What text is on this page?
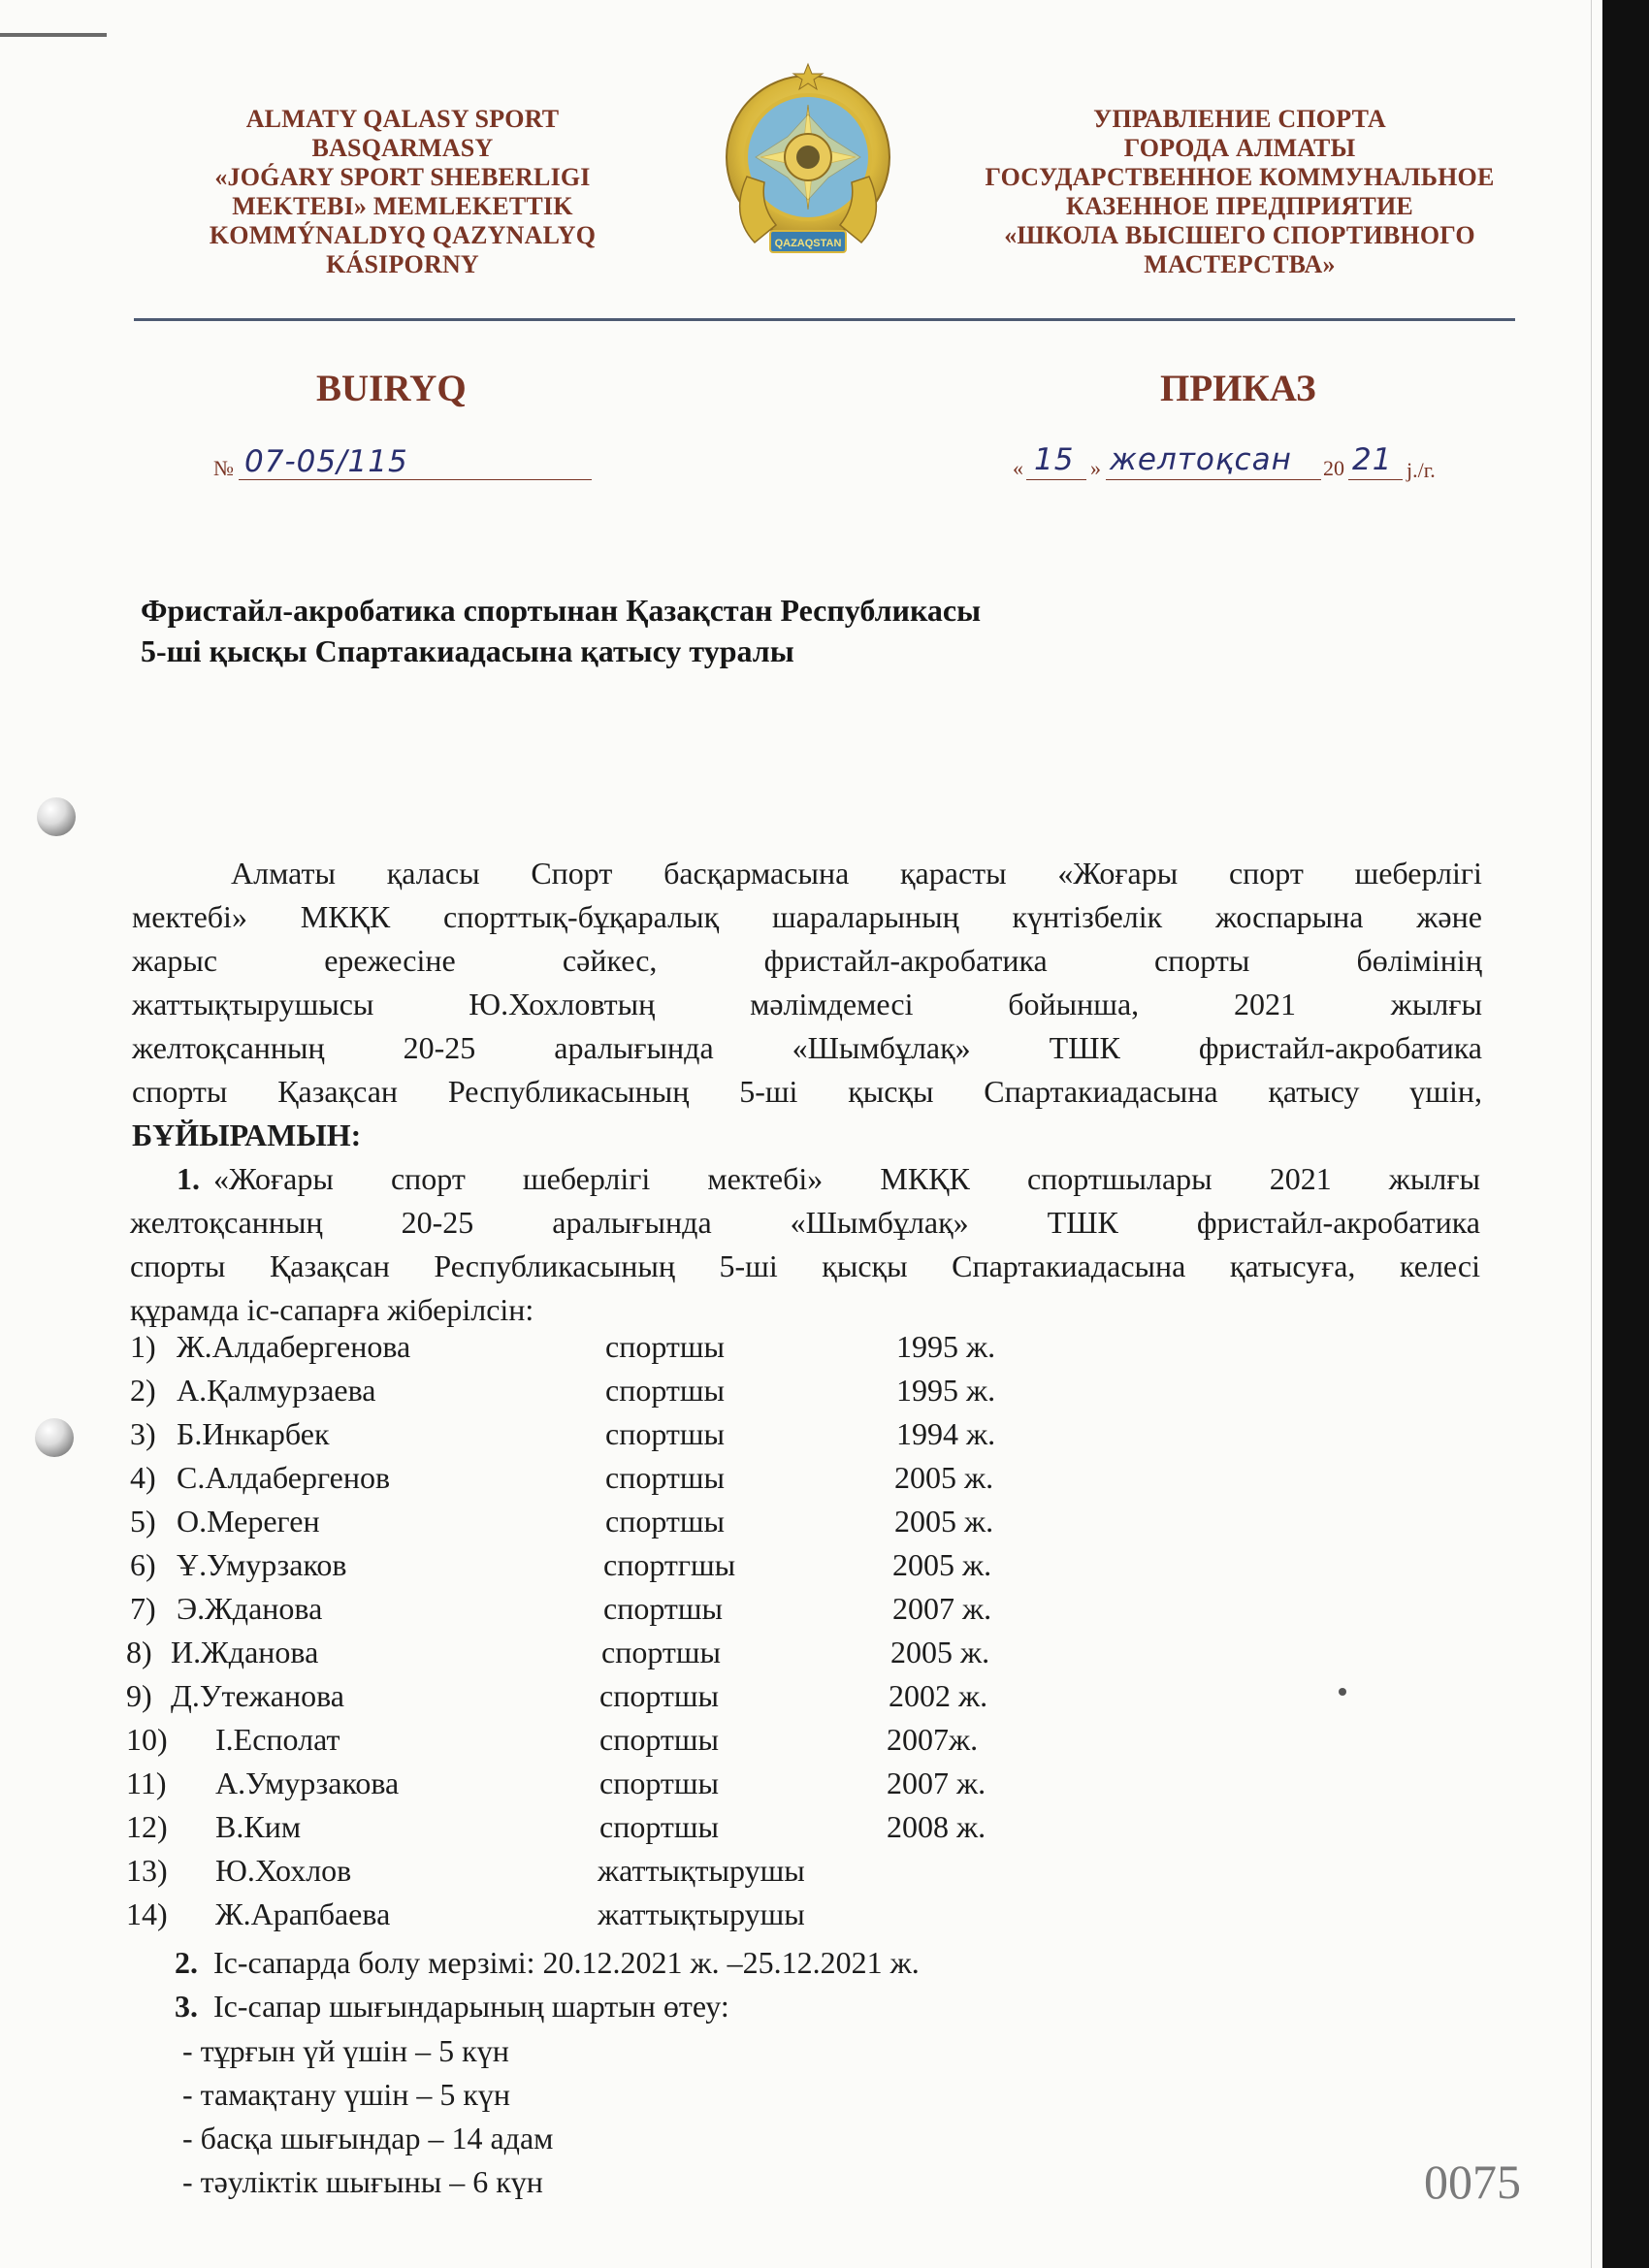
ALMATY QALASY SPORT
BASQARMASY
«JOǴARY SPORT SHEBERLIGI
MEKTEBI» MEMLEKETTIK
KOMMÝNALDYQ QAZYNALYQ
KÁSIPORNY
QAZAQSTAN
УПРАВЛЕНИЕ СПОРТА
ГОРОДА АЛМАТЫ
ГОСУДАРСТВЕННОЕ КОММУНАЛЬНОЕ
КАЗЕННОЕ ПРЕДПРИЯТИЕ
«ШКОЛА ВЫСШЕГО СПОРТИВНОГО
МАСТЕРСТВА»
BUIRYQ	ПРИКАЗ
№ 07-05/115	« 15 » желтоқсан 20 21 j./г.
Фристайл-акробатика спортынан Қазақстан Республикасы
5-ші қысқы Спартакиадасына қатысу туралы
Алматы қаласы Спорт басқармасына қарасты «Жоғары спорт шеберлігі
мектебі» МКҚК спорттық-бұқаралық шараларының күнтізбелік жоспарына және
жарыс	ережесіне	сәйкес,	фристайл-акробатика	спорты	бөлімінің
жаттықтырушысы	Ю.Хохловтың	мәлімдемесі	бойынша,	2021	жылғы
желтоқсанның	20-25	аралығында	«Шымбұлақ»	ТШК	фристайл-акробатика
спорты Қазақсан Республикасының 5-ші қысқы Спартакиадасына қатысу үшін,
БҰЙЫРАМЫН:
1. «Жоғары спорт шеберлігі мектебі» МКҚК спортшылары 2021 жылғы
желтоқсанның	20-25	аралығында	«Шымбұлақ»	ТШК	фристайл-акробатика
спорты Қазақсан Республикасының 5-ші қысқы Спартакиадасына қатысуға, келесі
құрамда іс-сапарға жіберілсін:
1) Ж.Алдабергенова	спортшы	1995 ж.
2) А.Қалмурзаева	спортшы	1995 ж.
3) Б.Инкарбек	спортшы	1994 ж.
4) С.Алдабергенов	спортшы	2005 ж.
5) О.Мереген	спортшы	2005 ж.
6) Ұ.Умурзаков	спортгшы	2005 ж.
7) Э.Жданова	спортшы	2007 ж.
8) И.Жданова	спортшы	2005 ж.
9) Д.Утежанова	спортшы	2002 ж.
10) І.Есполат	спортшы	2007ж.
11) А.Умурзакова	спортшы	2007 ж.
12) В.Ким	спортшы	2008 ж.
13) Ю.Хохлов	жаттықтырушы
14) Ж.Арапбаева	жаттықтырушы
2. Іс-сапарда болу мерзімі: 20.12.2021 ж. –25.12.2021 ж.
3. Іс-сапар шығындарының шартын өтеу:
- тұрғын үй үшін – 5 күн
- тамақтану үшін – 5 күн
- басқа шығындар – 14 адам
- тәуліктік шығыны – 6 күн	0075
